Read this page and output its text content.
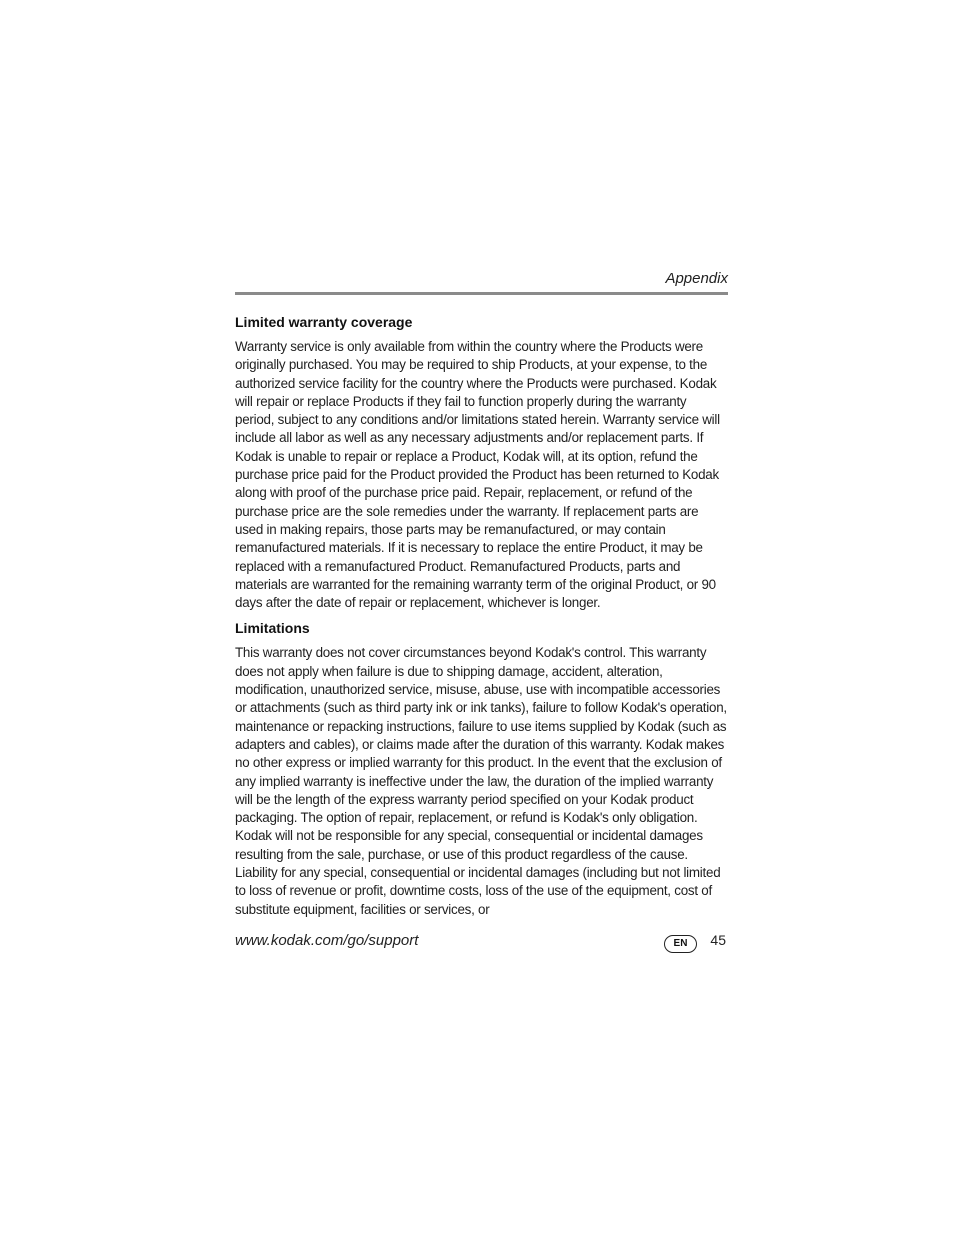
Appendix
Limited warranty coverage

Warranty service is only available from within the country where the Products were originally purchased. You may be required to ship Products, at your expense, to the authorized service facility for the country where the Products were purchased. Kodak will repair or replace Products if they fail to function properly during the warranty period, subject to any conditions and/or limitations stated herein. Warranty service will include all labor as well as any necessary adjustments and/or replacement parts. If Kodak is unable to repair or replace a Product, Kodak will, at its option, refund the purchase price paid for the Product provided the Product has been returned to Kodak along with proof of the purchase price paid. Repair, replacement, or refund of the purchase price are the sole remedies under the warranty. If replacement parts are used in making repairs, those parts may be remanufactured, or may contain remanufactured materials. If it is necessary to replace the entire Product, it may be replaced with a remanufactured Product. Remanufactured Products, parts and materials are warranted for the remaining warranty term of the original Product, or 90 days after the date of repair or replacement, whichever is longer.

Limitations

This warranty does not cover circumstances beyond Kodak's control. This warranty does not apply when failure is due to shipping damage, accident, alteration, modification, unauthorized service, misuse, abuse, use with incompatible accessories or attachments (such as third party ink or ink tanks), failure to follow Kodak's operation, maintenance or repacking instructions, failure to use items supplied by Kodak (such as adapters and cables), or claims made after the duration of this warranty. Kodak makes no other express or implied warranty for this product. In the event that the exclusion of any implied warranty is ineffective under the law, the duration of the implied warranty will be the length of the express warranty period specified on your Kodak product packaging. The option of repair, replacement, or refund is Kodak's only obligation. Kodak will not be responsible for any special, consequential or incidental damages resulting from the sale, purchase, or use of this product regardless of the cause. Liability for any special, consequential or incidental damages (including but not limited to loss of revenue or profit, downtime costs, loss of the use of the equipment, cost of substitute equipment, facilities or services, or

www.kodak.com/go/support	EN	45
